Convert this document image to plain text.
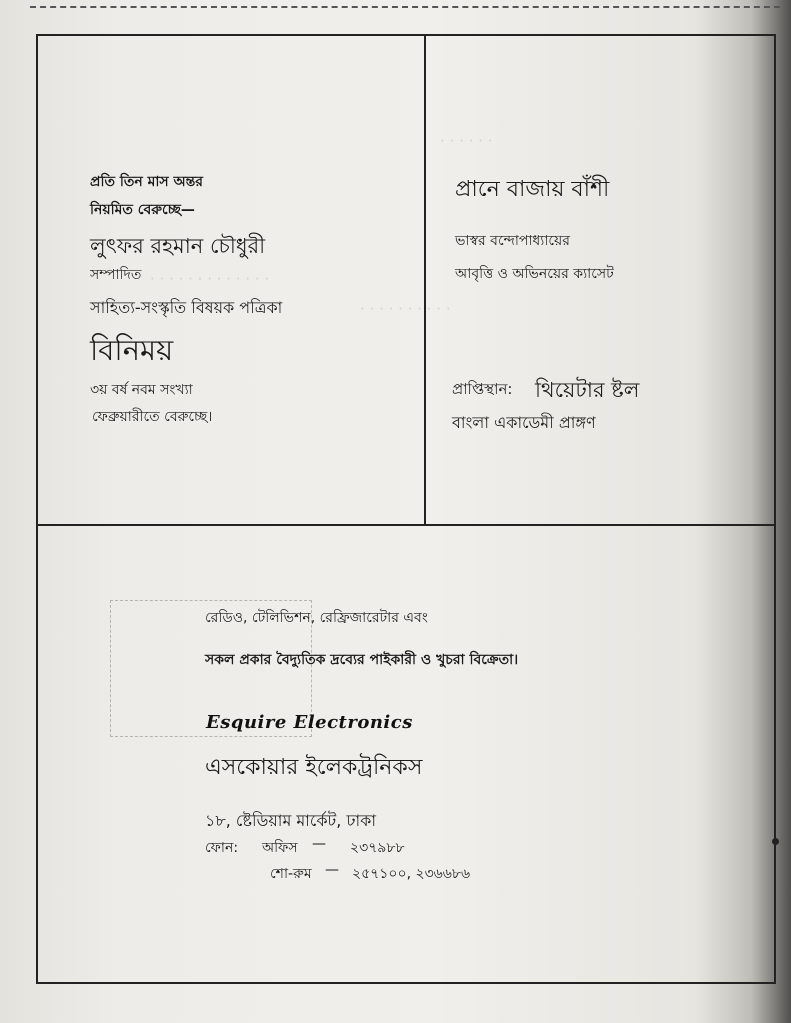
· · · · · ·
· · · · · · · · · ·
· · · · · · · · · · · · ·

প্রতি তিন মাস অন্তর

নিয়মিত বেরুচ্ছে—

লুৎফর রহমান চৌধুরী

সম্পাদিত

সাহিত্য-সংস্কৃতি বিষয়ক পত্রিকা

বিনিময়

৩য় বর্ষ নবম সংখ্যা

ফেব্রুয়ারীতে বেরুচ্ছে।

প্রানে বাজায় বাঁশী

ভাস্বর বন্দোপাধ্যায়ের

আবৃত্তি ও অভিনয়ের ক্যাসেট

প্রাপ্তিস্থান: থিয়েটার ষ্টল

বাংলা একাডেমী প্রাঙ্গণ

রেডিও, টেলিভিশন, রেফ্রিজারেটার এবং

সকল প্রকার বৈদ্যুতিক দ্রব্যের পাইকারী ও খুচরা বিক্রেতা।

Esquire Electronics

এসকোয়ার ইলেকট্রনিকস

১৮, ষ্টেডিয়াম মার্কেট, ঢাকা

ফোন: অফিস — ২৩৭৯৮৮

শো-রুম — ২৫৭১০০, ২৩৬৬৮৬
